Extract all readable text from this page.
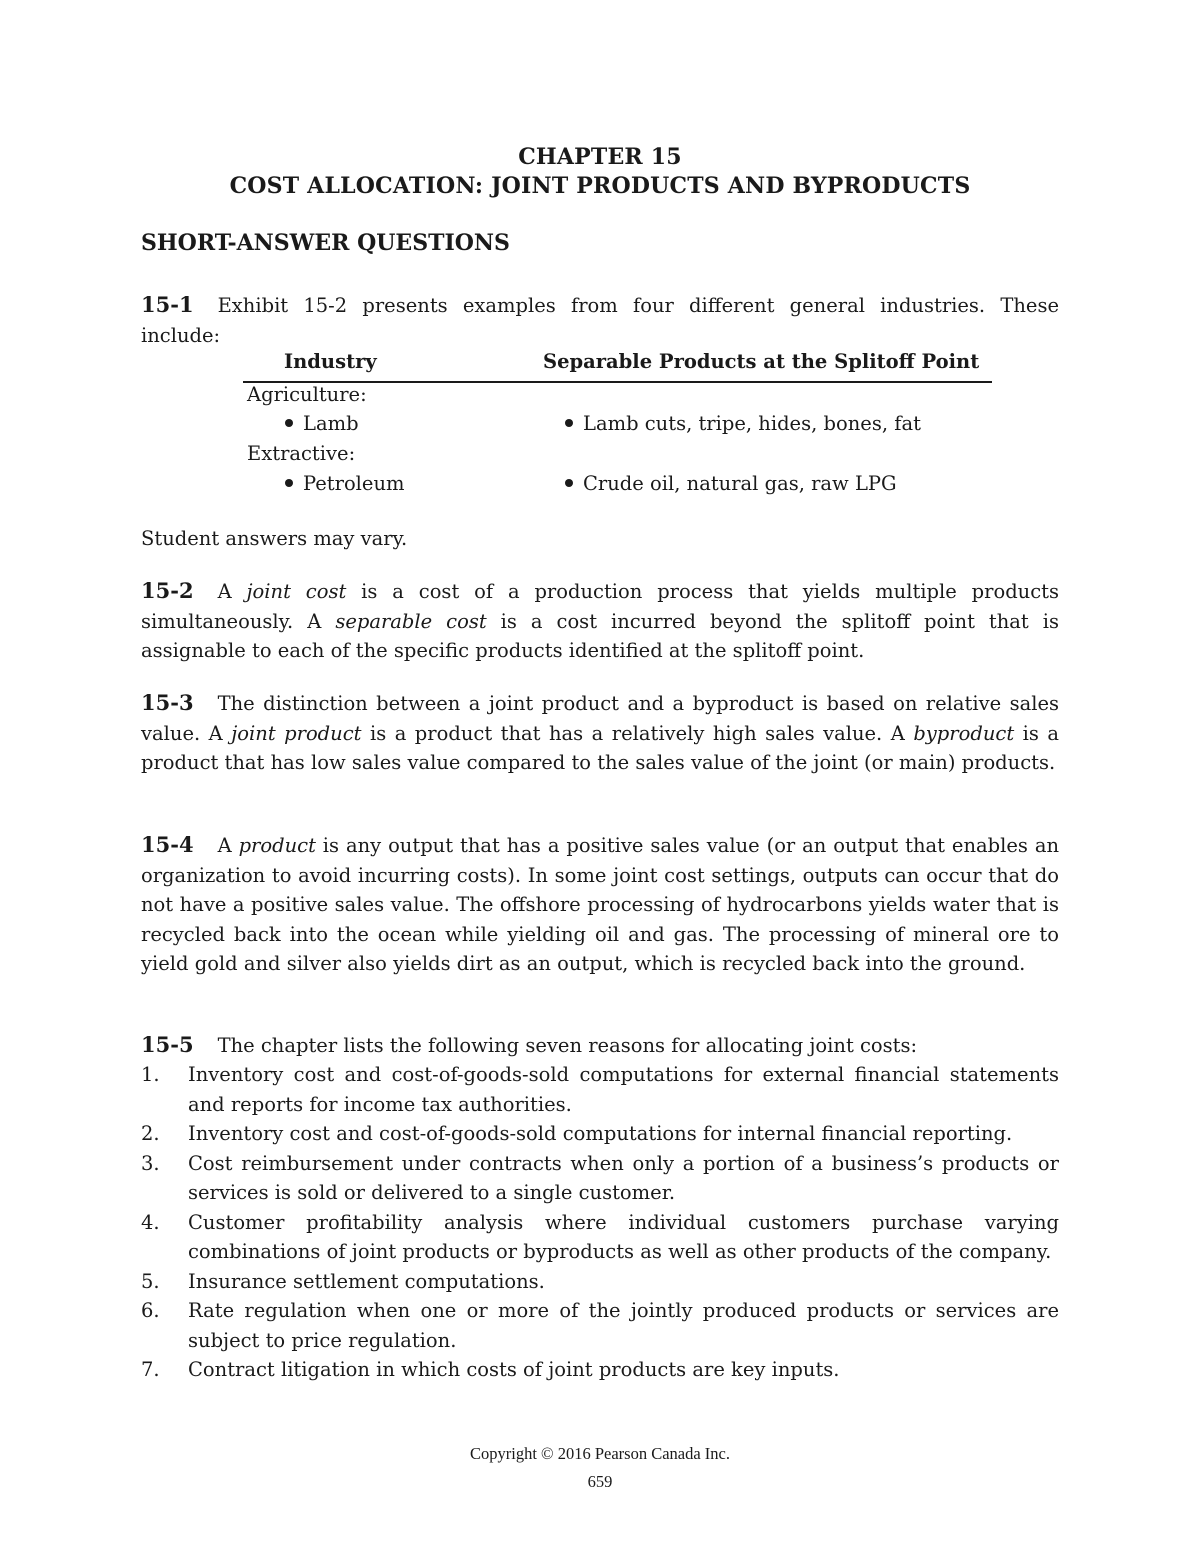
CHAPTER 15
COST ALLOCATION: JOINT PRODUCTS AND BYPRODUCTS
SHORT-ANSWER QUESTIONS
15-1 Exhibit 15-2 presents examples from four different general industries. These include:
Industry	Separable Products at the Splitoff Point
Agriculture:
Lamb	Lamb cuts, tripe, hides, bones, fat
Extractive:
Petroleum	Crude oil, natural gas, raw LPG
Student answers may vary.
15-2 A joint cost is a cost of a production process that yields multiple products simultaneously. A separable cost is a cost incurred beyond the splitoff point that is assignable to each of the specific products identified at the splitoff point.
15-3 The distinction between a joint product and a byproduct is based on relative sales value. A joint product is a product that has a relatively high sales value. A byproduct is a product that has low sales value compared to the sales value of the joint (or main) products.
15-4 A product is any output that has a positive sales value (or an output that enables an organization to avoid incurring costs). In some joint cost settings, outputs can occur that do not have a positive sales value. The offshore processing of hydrocarbons yields water that is recycled back into the ocean while yielding oil and gas. The processing of mineral ore to yield gold and silver also yields dirt as an output, which is recycled back into the ground.
15-5 The chapter lists the following seven reasons for allocating joint costs:
1. Inventory cost and cost-of-goods-sold computations for external financial statements and reports for income tax authorities.
2. Inventory cost and cost-of-goods-sold computations for internal financial reporting.
3. Cost reimbursement under contracts when only a portion of a business’s products or services is sold or delivered to a single customer.
4. Customer profitability analysis where individual customers purchase varying combinations of joint products or byproducts as well as other products of the company.
5. Insurance settlement computations.
6. Rate regulation when one or more of the jointly produced products or services are subject to price regulation.
7. Contract litigation in which costs of joint products are key inputs.
Copyright © 2016 Pearson Canada Inc.
659
